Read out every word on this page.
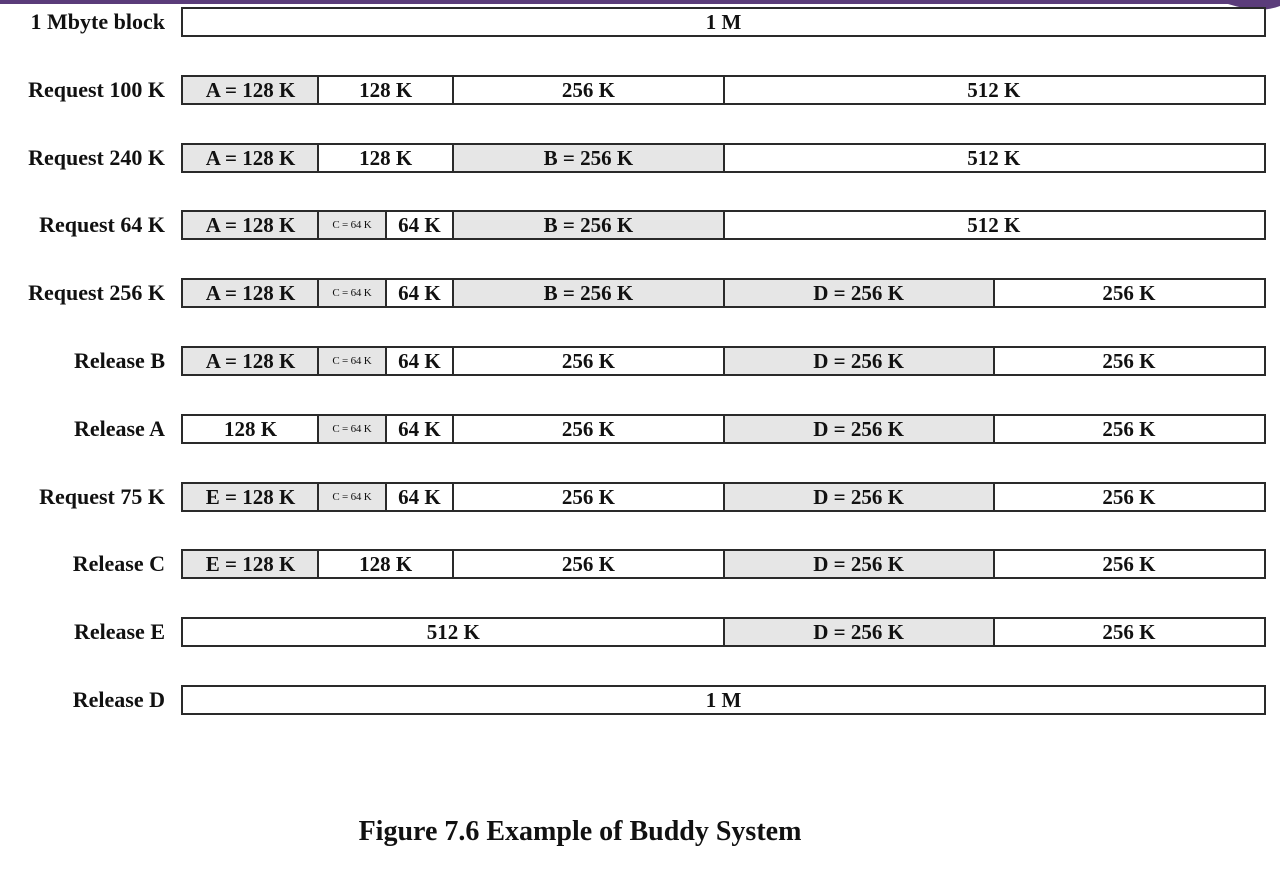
1 Mbyte block	1 M
Request 100 K	A = 128 K	128 K	256 K	512 K
Request 240 K	A = 128 K	128 K	B = 256 K	512 K
Request 64 K	A = 128 K	C = 64 K	64 K	B = 256 K	512 K
Request 256 K	A = 128 K	C = 64 K	64 K	B = 256 K	D = 256 K	256 K
Release B	A = 128 K	C = 64 K	64 K	256 K	D = 256 K	256 K
Release A	128 K	C = 64 K	64 K	256 K	D = 256 K	256 K
Request 75 K	E = 128 K	C = 64 K	64 K	256 K	D = 256 K	256 K
Release C	E = 128 K	128 K	256 K	D = 256 K	256 K
Release E	512 K	D = 256 K	256 K
Release D	1 M
Figure 7.6 Example of Buddy System
